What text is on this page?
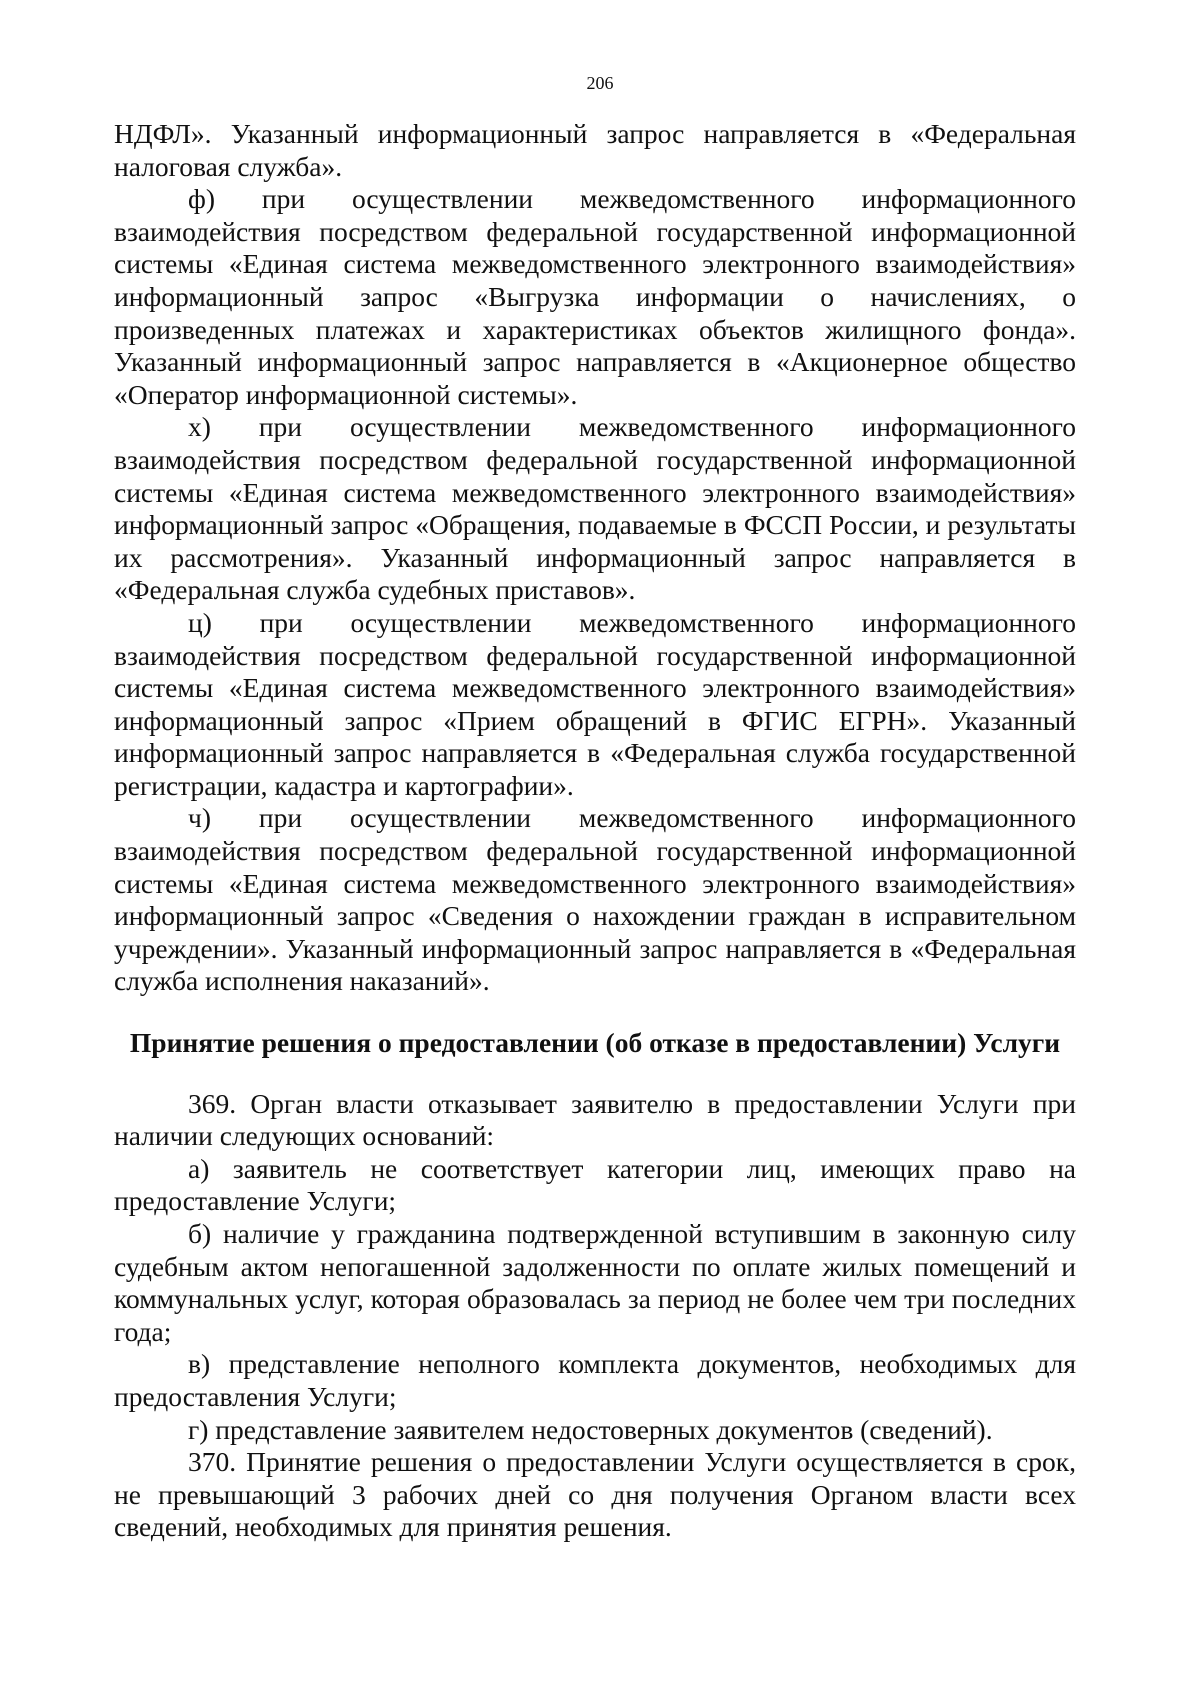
206

НДФЛ». Указанный информационный запрос направляется в «Федеральная налоговая служба».

ф) при осуществлении межведомственного информационного взаимодействия посредством федеральной государственной информационной системы «Единая система межведомственного электронного взаимодействия» информационный запрос «Выгрузка информации о начислениях, о произведенных платежах и характеристиках объектов жилищного фонда». Указанный информационный запрос направляется в «Акционерное общество «Оператор информационной системы».

х) при осуществлении межведомственного информационного взаимодействия посредством федеральной государственной информационной системы «Единая система межведомственного электронного взаимодействия» информационный запрос «Обращения, подаваемые в ФССП России, и результаты их рассмотрения». Указанный информационный запрос направляется в «Федеральная служба судебных приставов».

ц) при осуществлении межведомственного информационного взаимодействия посредством федеральной государственной информационной системы «Единая система межведомственного электронного взаимодействия» информационный запрос «Прием обращений в ФГИС ЕГРН». Указанный информационный запрос направляется в «Федеральная служба государственной регистрации, кадастра и картографии».

ч) при осуществлении межведомственного информационного взаимодействия посредством федеральной государственной информационной системы «Единая система межведомственного электронного взаимодействия» информационный запрос «Сведения о нахождении граждан в исправительном учреждении». Указанный информационный запрос направляется в «Федеральная служба исполнения наказаний».

Принятие решения о предоставлении (об отказе в предоставлении) Услуги

369. Орган власти отказывает заявителю в предоставлении Услуги при наличии следующих оснований:

а) заявитель не соответствует категории лиц, имеющих право на предоставление Услуги;

б) наличие у гражданина подтвержденной вступившим в законную силу судебным актом непогашенной задолженности по оплате жилых помещений и коммунальных услуг, которая образовалась за период не более чем три последних года;

в) представление неполного комплекта документов, необходимых для предоставления Услуги;

г) представление заявителем недостоверных документов (сведений).

370. Принятие решения о предоставлении Услуги осуществляется в срок, не превышающий 3 рабочих дней со дня получения Органом власти всех сведений, необходимых для принятия решения.
